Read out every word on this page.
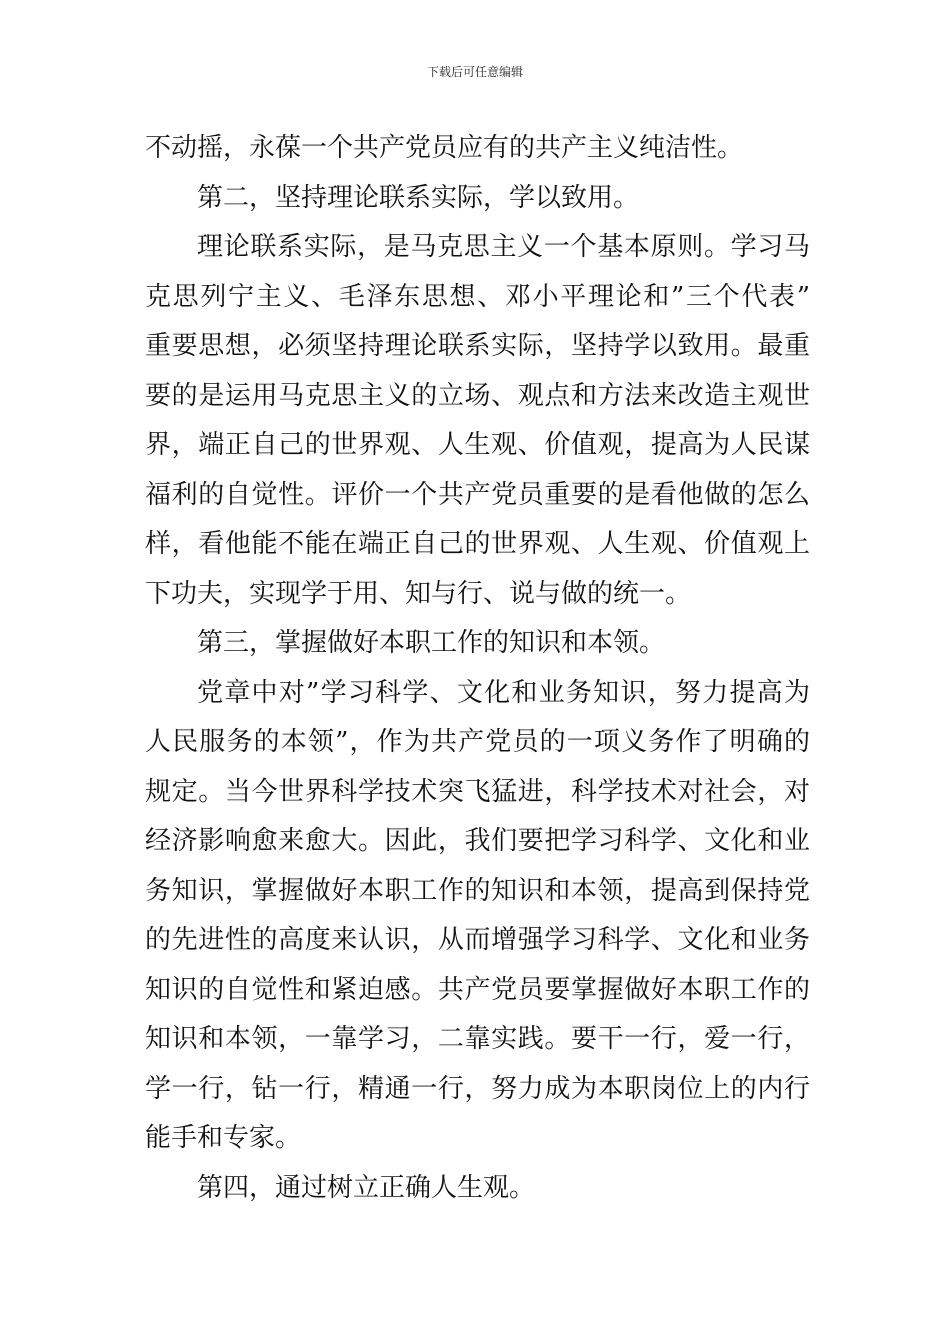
下载后可任意编辑
不动摇，永葆一个共产党员应有的共产主义纯洁性。
第二，坚持理论联系实际，学以致用。
理论联系实际，是马克思主义一个基本原则。学习马
克思列宁主义、毛泽东思想、邓小平理论和”三个代表”
重要思想，必须坚持理论联系实际，坚持学以致用。最重
要的是运用马克思主义的立场、观点和方法来改造主观世
界，端正自己的世界观、人生观、价值观，提高为人民谋
福利的自觉性。评价一个共产党员重要的是看他做的怎么
样，看他能不能在端正自己的世界观、人生观、价值观上
下功夫，实现学于用、知与行、说与做的统一。
第三，掌握做好本职工作的知识和本领。
党章中对”学习科学、文化和业务知识，努力提高为
人民服务的本领”，作为共产党员的一项义务作了明确的
规定。当今世界科学技术突飞猛进，科学技术对社会，对
经济影响愈来愈大。因此，我们要把学习科学、文化和业
务知识，掌握做好本职工作的知识和本领，提高到保持党
的先进性的高度来认识，从而增强学习科学、文化和业务
知识的自觉性和紧迫感。共产党员要掌握做好本职工作的
知识和本领，一靠学习，二靠实践。要干一行，爱一行，
学一行，钻一行，精通一行，努力成为本职岗位上的内行
能手和专家。
第四，通过树立正确人生观。
